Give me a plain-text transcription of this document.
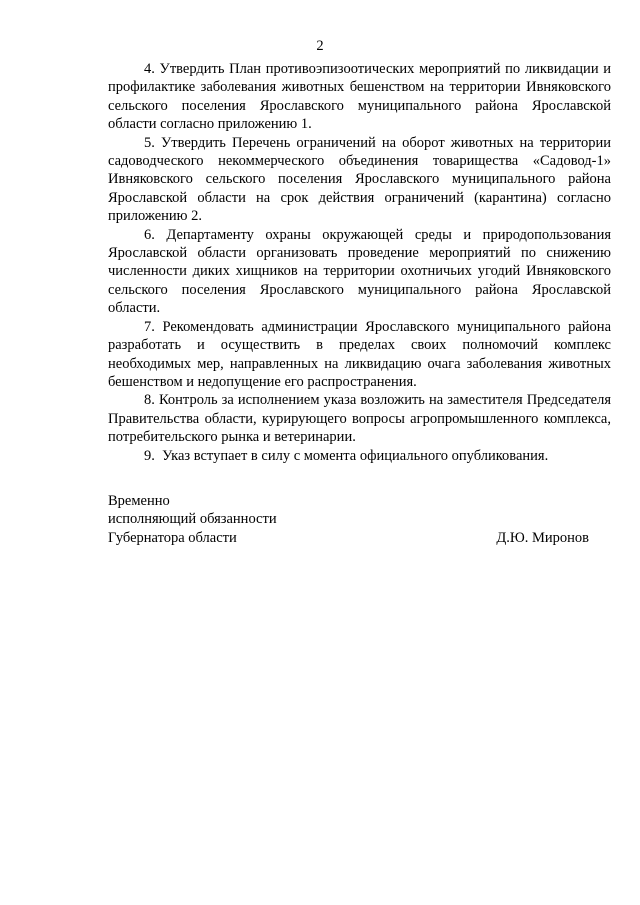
2

4. Утвердить План противоэпизоотических мероприятий по ликвидации и профилактике заболевания животных бешенством на территории Ивняковского сельского поселения Ярославского муниципального района Ярославской области согласно приложению 1.

5. Утвердить Перечень ограничений на оборот животных на территории садоводческого некоммерческого объединения товарищества «Садовод-1» Ивняковского сельского поселения Ярославского муниципального района Ярославской области на срок действия ограничений (карантина) согласно приложению 2.

6. Департаменту охраны окружающей среды и природопользования Ярославской области организовать проведение мероприятий по снижению численности диких хищников на территории охотничьих угодий Ивняковского сельского поселения Ярославского муниципального района Ярославской области.

7. Рекомендовать администрации Ярославского муниципального района разработать и осуществить в пределах своих полномочий комплекс необходимых мер, направленных на ликвидацию очага заболевания животных бешенством и недопущение его распространения.

8. Контроль за исполнением указа возложить на заместителя Председателя Правительства области, курирующего вопросы агропромышленного комплекса, потребительского рынка и ветеринарии.

9. Указ вступает в силу с момента официального опубликования.

Временно
исполняющий обязанности
Губернатора области	Д.Ю. Миронов
